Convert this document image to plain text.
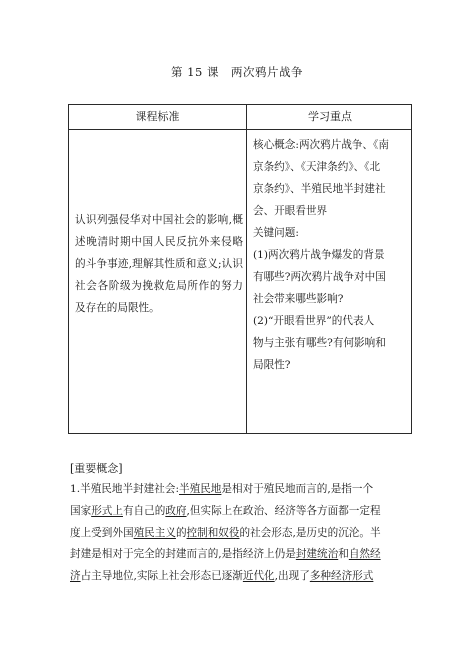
第 15 课　两次鸦片战争
课程标准	学习重点
认识列强侵华对中国社会的影响,概述晚清时期中国人民反抗外来侵略的斗争事迹,理解其性质和意义;认识社会各阶级为挽救危局所作的努力及存在的局限性。
核心概念:两次鸦片战争、《南
京条约》、《天津条约》、《北
京条约》、半殖民地半封建社
会、开眼看世界
关键问题:
(1)两次鸦片战争爆发的背景
有哪些?两次鸦片战争对中国
社会带来哪些影响?
(2)“开眼看世界”的代表人
物与主张有哪些?有何影响和
局限性?
[重要概念]
1.半殖民地半封建社会:半殖民地是相对于殖民地而言的,是指一个
国家形式上有自己的政府,但实际上在政治、经济等各方面都一定程
度上受到外国殖民主义的控制和奴役的社会形态,是历史的沉沦。半
封建是相对于完全的封建而言的,是指经济上仍是封建统治和自然经
济占主导地位,实际上社会形态已逐渐近代化,出现了多种经济形式
